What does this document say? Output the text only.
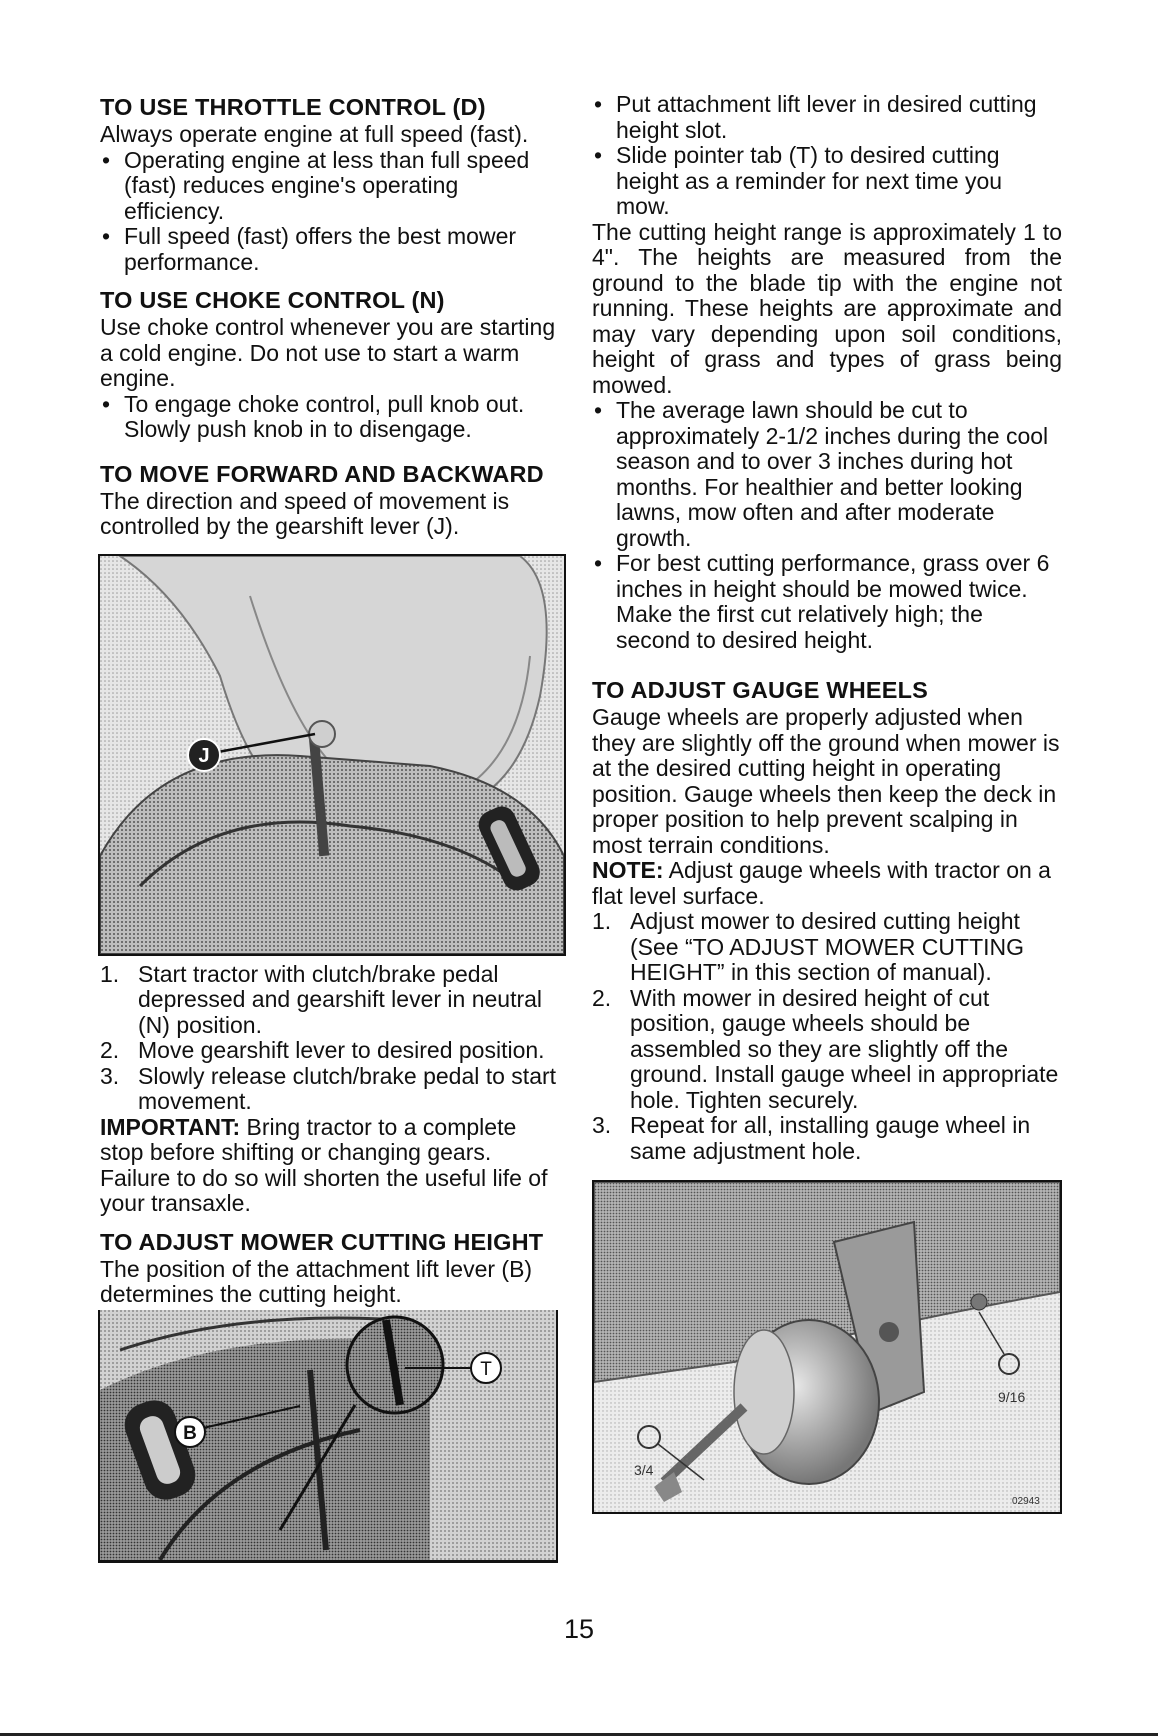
TO USE THROTTLE CONTROL (D)

Always operate engine at full speed (fast).

• Operating engine at less than full speed (fast) reduces engine's operating efficiency.
• Full speed (fast) offers the best mower performance.
TO USE CHOKE CONTROL (N)

Use choke control whenever you are starting a cold engine. Do not use to start a warm engine.

• To engage choke control, pull knob out. Slowly push knob in to disengage.
TO MOVE FORWARD AND BACKWARD

The direction and speed of movement is controlled by the gearshift lever (J).

J
1. Start tractor with clutch/brake pedal depressed and gearshift lever in neutral (N) position.
2. Move gearshift lever to desired position.
3. Slowly release clutch/brake pedal to start movement.

IMPORTANT: Bring tractor to a complete stop before shifting or changing gears. Failure to do so will shorten the useful life of your transaxle.

TO ADJUST MOWER CUTTING HEIGHT

The position of the attachment lift lever (B) determines the cutting height.

T
B
• Put attachment lift lever in desired cutting height slot.
• Slide pointer tab (T) to desired cutting height as a reminder for next time you mow.

The cutting height range is approximately 1 to 4". The heights are measured from the ground to the blade tip with the engine not running. These heights are approximate and may vary depending upon soil conditions, height of grass and types of grass being mowed.

• The average lawn should be cut to approximately 2-1/2 inches during the cool season and to over 3 inches during hot months. For healthier and better looking lawns, mow often and after moderate growth.
• For best cutting performance, grass over 6 inches in height should be mowed twice. Make the first cut relatively high; the second to desired height.
TO ADJUST GAUGE WHEELS

Gauge wheels are properly adjusted when they are slightly off the ground when mower is at the desired cutting height in operating position. Gauge wheels then keep the deck in proper position to help prevent scalping in most terrain conditions.

NOTE: Adjust gauge wheels with tractor on a flat level surface.

1. Adjust mower to desired cutting height (See “TO ADJUST MOWER CUTTING HEIGHT” in this section of manual).
2. With mower in desired height of cut position, gauge wheels should be assembled so they are slightly off the ground. Install gauge wheel in appropriate hole. Tighten securely.
3. Repeat for all, installing gauge wheel in same adjustment hole.
9/16
3/4
02943
15
